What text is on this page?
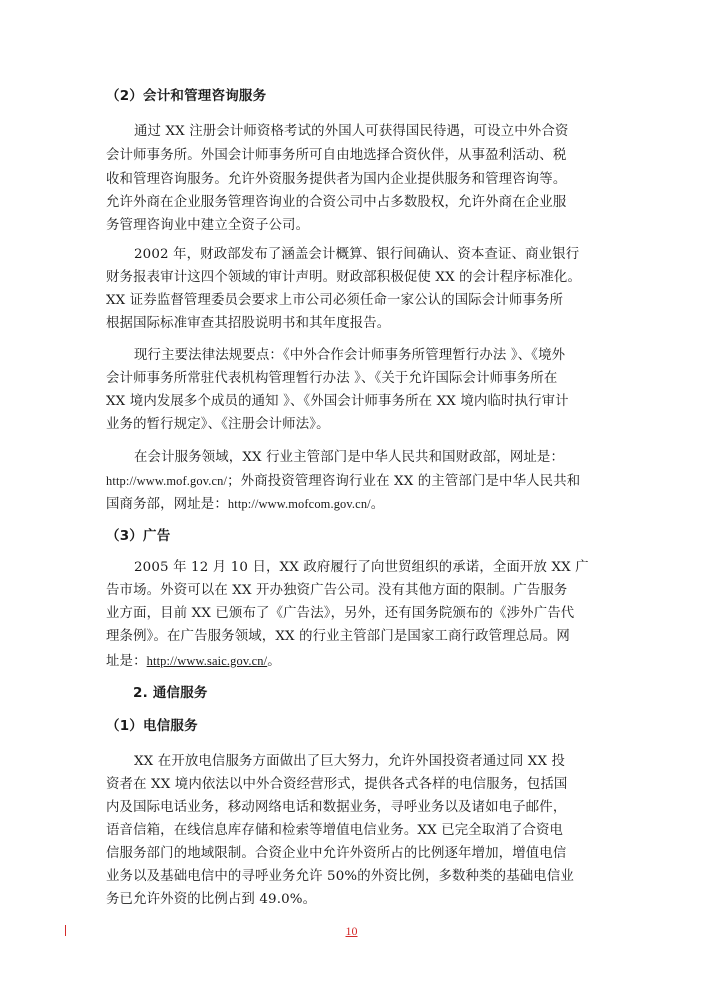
（2）会计和管理咨询服务
通过 XX 注册会计师资格考试的外国人可获得国民待遇，可设立中外合资
会计师事务所。外国会计师事务所可自由地选择合资伙伴，从事盈利活动、税
收和管理咨询服务。允许外资服务提供者为国内企业提供服务和管理咨询等。
允许外商在企业服务管理咨询业的合资公司中占多数股权，允许外商在企业服
务管理咨询业中建立全资子公司。
2002 年，财政部发布了涵盖会计概算、银行间确认、资本查证、商业银行
财务报表审计这四个领域的审计声明。财政部积极促使 XX 的会计程序标准化。
XX 证券监督管理委员会要求上市公司必须任命一家公认的国际会计师事务所
根据国际标准审查其招股说明书和其年度报告。
现行主要法律法规要点：《中外合作会计师事务所管理暂行办法 》、《境外
会计师事务所常驻代表机构管理暂行办法 》、《关于允许国际会计师事务所在
XX 境内发展多个成员的通知 》、《外国会计师事务所在 XX 境内临时执行审计
业务的暂行规定》、《注册会计师法》。
在会计服务领域，XX 行业主管部门是中华人民共和国财政部，网址是：
http://www.mof.gov.cn/；外商投资管理咨询行业在 XX 的主管部门是中华人民共和
国商务部，网址是：http://www.mofcom.gov.cn/。
（3）广告
2005 年 12 月 10 日，XX 政府履行了向世贸组织的承诺，全面开放 XX 广
告市场。外资可以在 XX 开办独资广告公司。没有其他方面的限制。广告服务
业方面，目前 XX 已颁布了《广告法》，另外，还有国务院颁布的《涉外广告代
理条例》。在广告服务领域，XX 的行业主管部门是国家工商行政管理总局。网
址是：http://www.saic.gov.cn/。
2. 通信服务
（1）电信服务
XX 在开放电信服务方面做出了巨大努力，允许外国投资者通过同 XX 投
资者在 XX 境内依法以中外合资经营形式，提供各式各样的电信服务，包括国
内及国际电话业务，移动网络电话和数据业务，寻呼业务以及诸如电子邮件，
语音信箱，在线信息库存储和检索等增值电信业务。XX 已完全取消了合资电
信服务部门的地域限制。合资企业中允许外资所占的比例逐年增加，增值电信
业务以及基础电信中的寻呼业务允许 50%的外资比例，多数种类的基础电信业
务已允许外资的比例占到 49.0%。
10
